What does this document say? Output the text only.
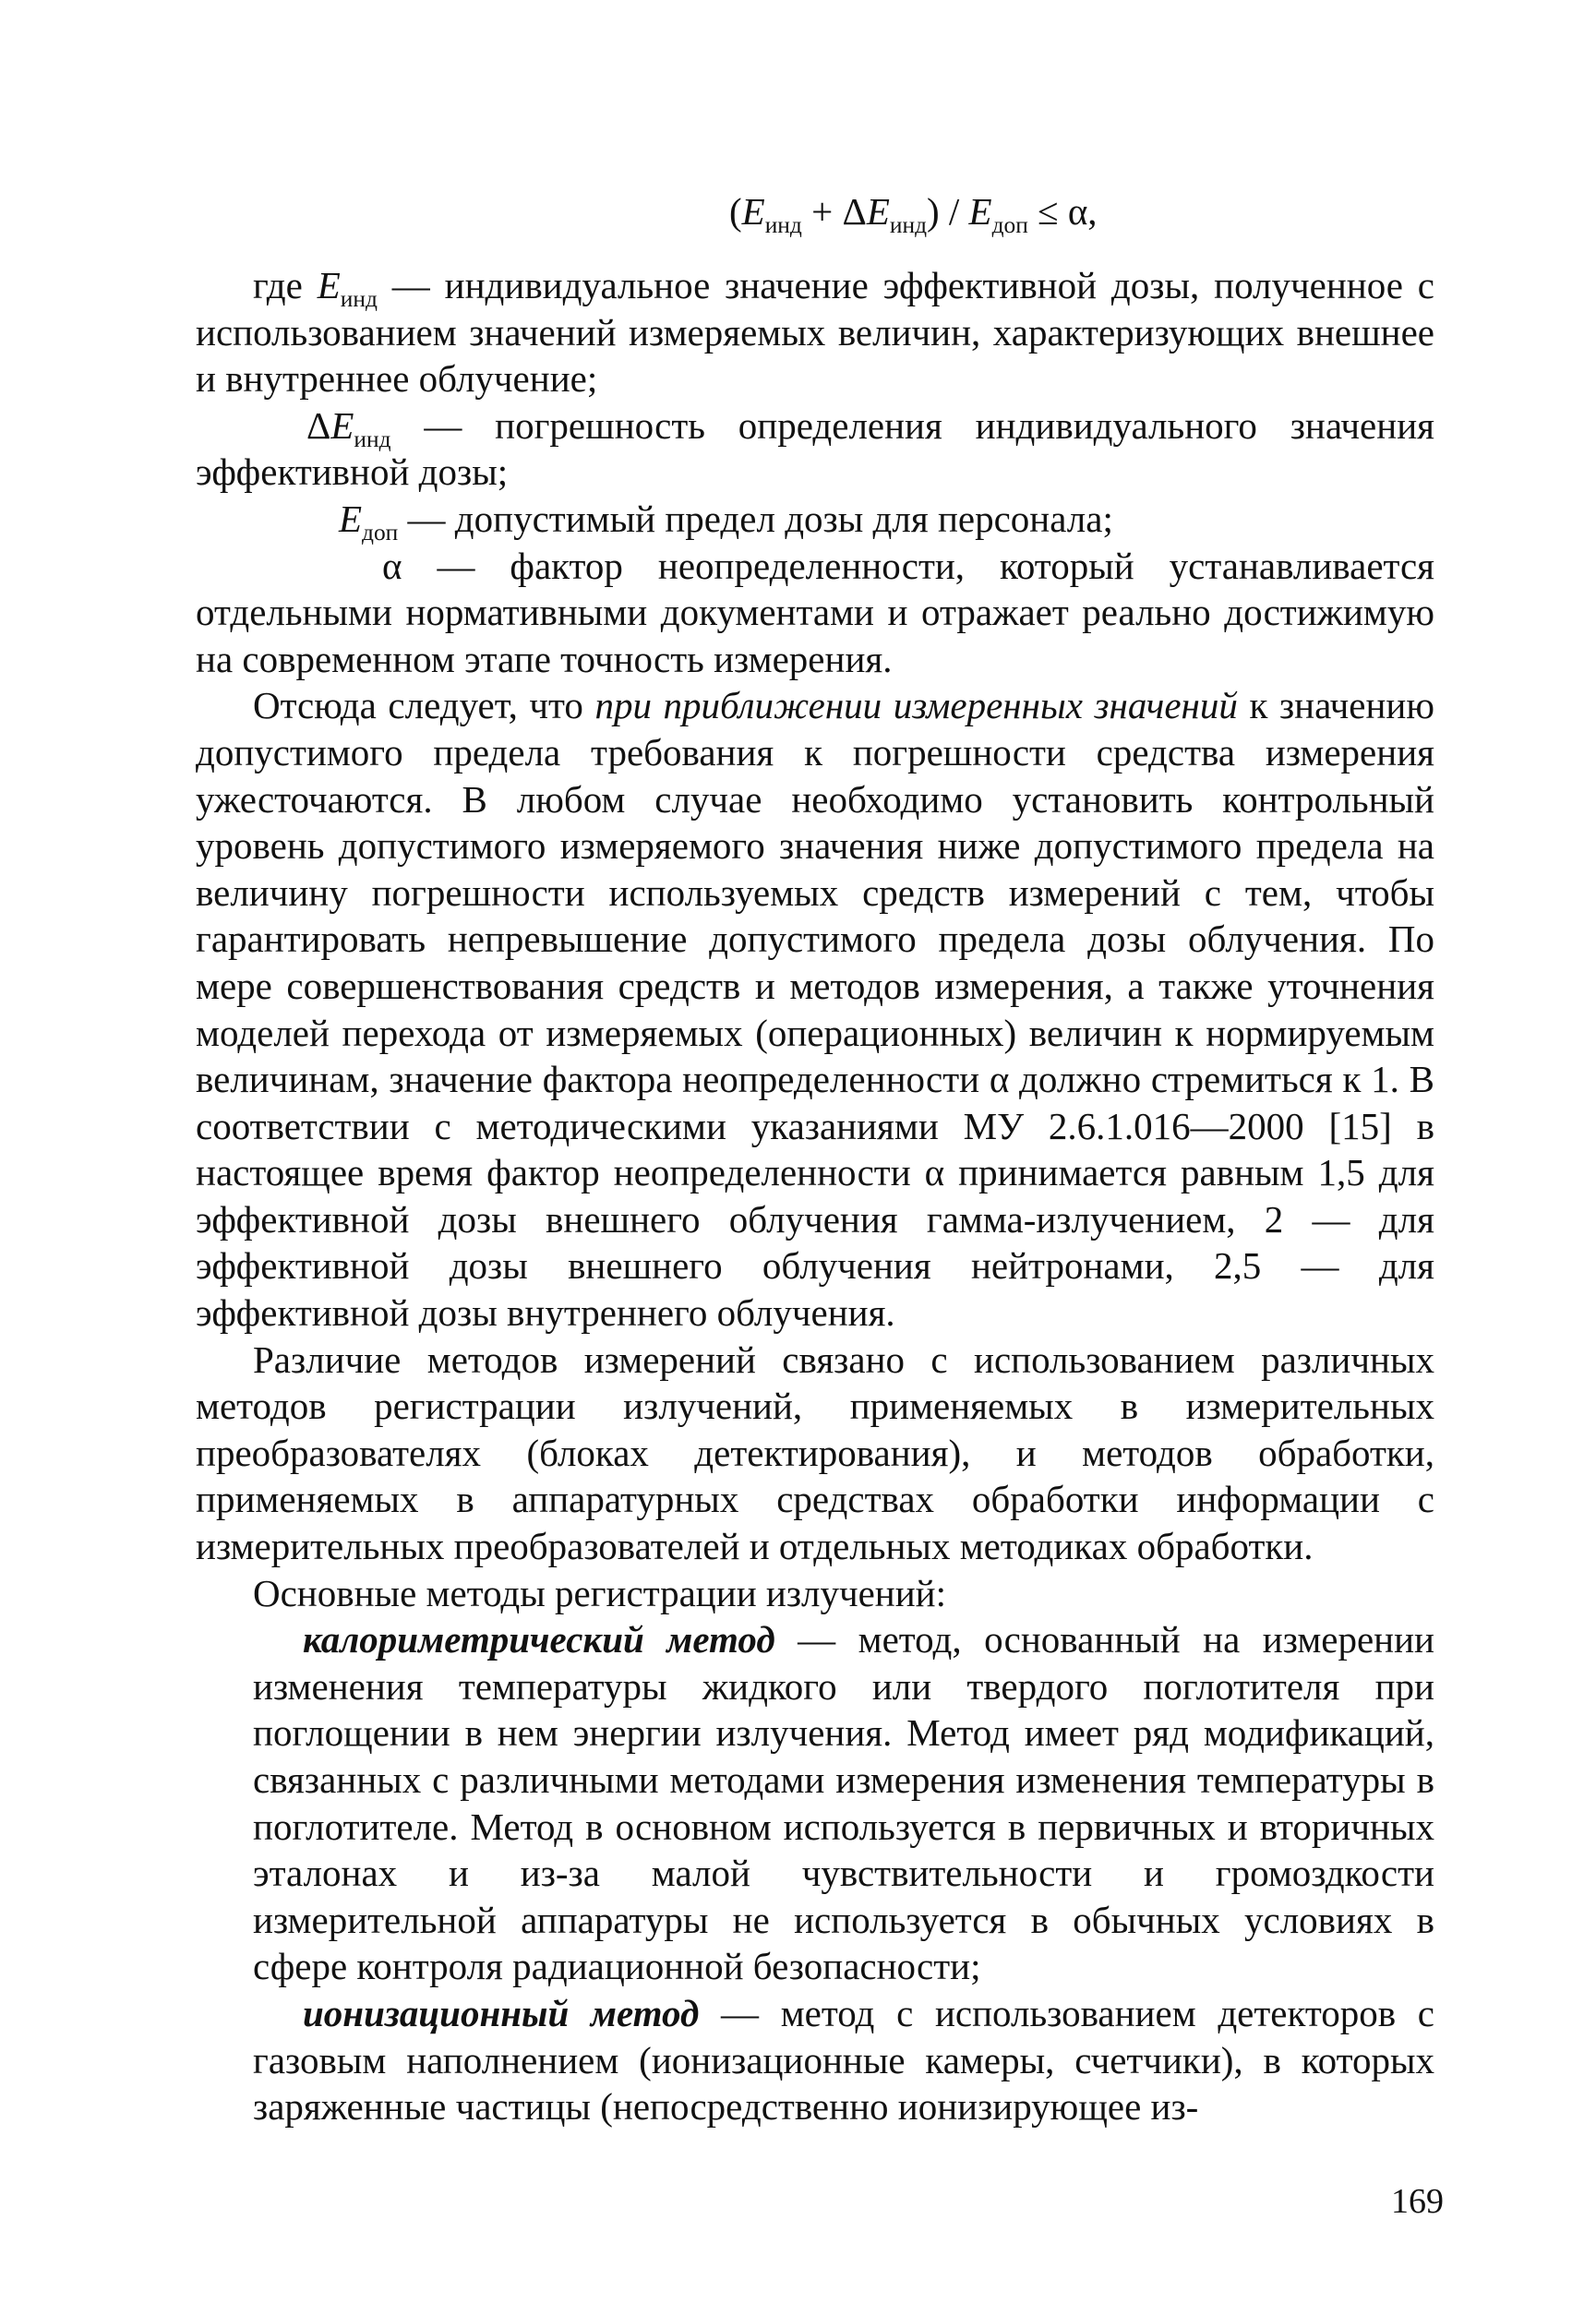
$(E_{инд} + \Delta E_{инд}) / E_{доп} \le \alpha$,

где $E_{инд}$ — индивидуальное значение эффективной дозы, полученное с использованием значений измеряемых величин, характеризующих внешнее и внутреннее облучение;

$\Delta E_{инд}$ — погрешность определения индивидуального значения эффективной дозы;

$E_{доп}$ — допустимый предел дозы для персонала;

α — фактор неопределенности, который устанавливается отдельными нормативными документами и отражает реально достижимую на современном этапе точность измерения.

Отсюда следует, что при приближении измеренных значений к значению допустимого предела требования к погрешности средства измерения ужесточаются. В любом случае необходимо установить контрольный уровень допустимого измеряемого значения ниже допустимого предела на величину погрешности используемых средств измерений с тем, чтобы гарантировать непревышение допустимого предела дозы облучения. По мере совершенствования средств и методов измерения, а также уточнения моделей перехода от измеряемых (операционных) величин к нормируемым величинам, значение фактора неопределенности α должно стремиться к 1. В соответствии с методическими указаниями МУ 2.6.1.016—2000 [15] в настоящее время фактор неопределенности α принимается равным 1,5 для эффективной дозы внешнего облучения гамма-излучением, 2 — для эффективной дозы внешнего облучения нейтронами, 2,5 — для эффективной дозы внутреннего облучения.

Различие методов измерений связано с использованием различных методов регистрации излучений, применяемых в измерительных преобразователях (блоках детектирования), и методов обработки, применяемых в аппаратурных средствах обработки информации с измерительных преобразователей и отдельных методиках обработки.

Основные методы регистрации излучений:

калориметрический метод — метод, основанный на измерении изменения температуры жидкого или твердого поглотителя при поглощении в нем энергии излучения. Метод имеет ряд модификаций, связанных с различными методами измерения изменения температуры в поглотителе. Метод в основном используется в первичных и вторичных эталонах и из-за малой чувствительности и громоздкости измерительной аппаратуры не используется в обычных условиях в сфере контроля радиационной безопасности;

ионизационный метод — метод с использованием детекторов с газовым наполнением (ионизационные камеры, счетчики), в которых заряженные частицы (непосредственно ионизирующее из-

169
